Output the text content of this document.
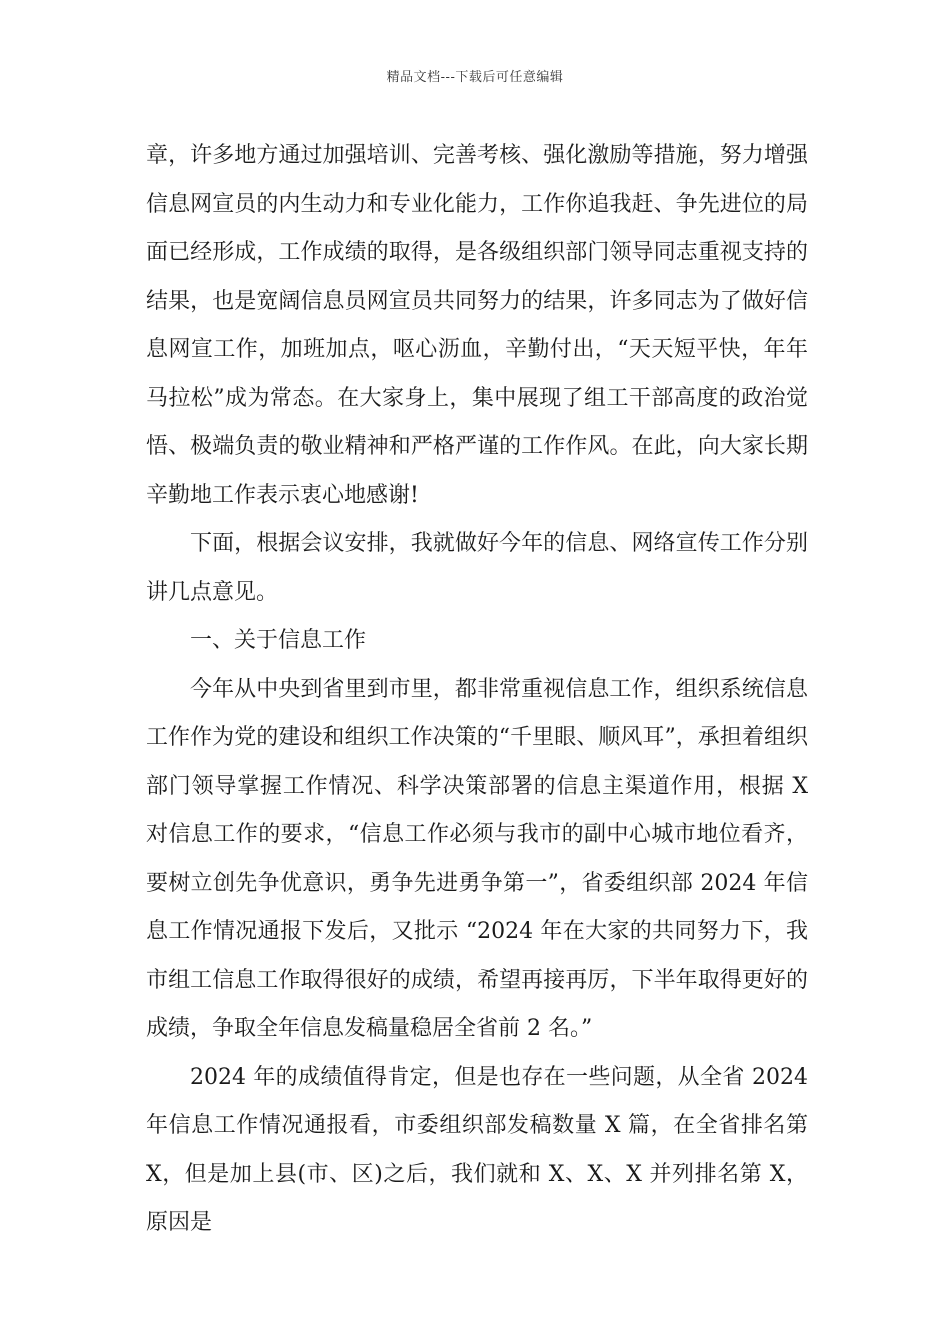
精品文档---下载后可任意编辑

章，许多地方通过加强培训、完善考核、强化激励等措施，努力增强信息网宣员的内生动力和专业化能力，工作你追我赶、争先进位的局面已经形成，工作成绩的取得，是各级组织部门领导同志重视支持的结果，也是宽阔信息员网宣员共同努力的结果，许多同志为了做好信息网宣工作，加班加点，呕心沥血，辛勤付出，“天天短平快，年年马拉松”成为常态。在大家身上，集中展现了组工干部高度的政治觉悟、极端负责的敬业精神和严格严谨的工作作风。在此，向大家长期辛勤地工作表示衷心地感谢!

下面，根据会议安排，我就做好今年的信息、网络宣传工作分别讲几点意见。

一、关于信息工作

今年从中央到省里到市里，都非常重视信息工作，组织系统信息工作作为党的建设和组织工作决策的“千里眼、顺风耳”，承担着组织部门领导掌握工作情况、科学决策部署的信息主渠道作用，根据 X 对信息工作的要求，“信息工作必须与我市的副中心城市地位看齐，要树立创先争优意识，勇争先进勇争第一”，省委组织部 2024 年信息工作情况通报下发后，又批示 “2024 年在大家的共同努力下，我市组工信息工作取得很好的成绩，希望再接再厉，下半年取得更好的成绩，争取全年信息发稿量稳居全省前 2 名。”

2024 年的成绩值得肯定，但是也存在一些问题，从全省 2024 年信息工作情况通报看，市委组织部发稿数量 X 篇，在全省排名第 X，但是加上县(市、区)之后，我们就和 X、X、X 并列排名第 X，原因是
